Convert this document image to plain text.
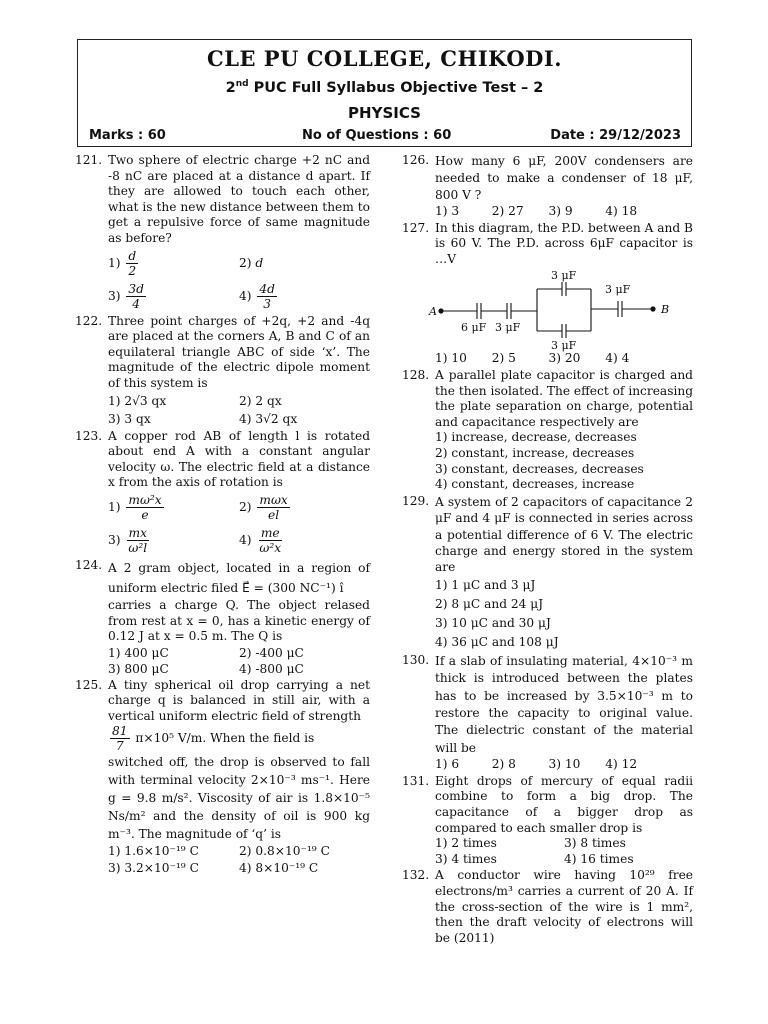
CLE PU COLLEGE, CHIKODI.
2nd PUC Full Syllabus Objective Test – 2
PHYSICS
Marks : 60	No of Questions : 60	Date : 29/12/2023
121. Two sphere of electric charge +2 nC and -8 nC are placed at a distance d apart. If they are allowed to touch each other, what is the new distance between them to get a repulsive force of same magnitude as before?
$1) \frac{d}{2}$	2) d
$3) \frac{3d}{4}$	$4) \frac{4d}{3}$
122. Three point charges of +2q, +2 and -4q are placed at the corners A, B and C of an equilateral triangle ABC of side ‘x’. The magnitude of the electric dipole moment of this system is
1) 2√3 qx	2) 2 qx
3) 3 qx	4) 3√2 qx
123. A copper rod AB of length l is rotated about end A with a constant angular velocity ω. The electric field at a distance x from the axis of rotation is
$1) \frac{\text{mω²x}}{e}$	$2) \frac{\text{mωx}}{el}$
$3) \frac{mx}{\text{ω²l}}$	$4) \frac{me}{\text{ω²x}}$
124. A 2 gram object, located in a region of uniform electric filed E⃗ = (300 NC⁻¹) î
carries a charge Q. The object relased from rest at x = 0, has a kinetic energy of 0.12 J at x = 0.5 m. The Q is
1) 400 μC	2) -400 μC
3) 800 μC	4) -800 μC
125. A tiny spherical oil drop carrying a net charge q is balanced in still air, with a vertical uniform electric field of strength
$\frac{81}{7} \pi\times 10^5$ V/m. When the field is
switched off, the drop is observed to fall with terminal velocity 2×10⁻³ ms⁻¹. Here g = 9.8 m/s². Viscosity of air is 1.8×10⁻⁵ Ns/m² and the density of oil is 900 kg m⁻³. The magnitude of ‘q’ is
1) 1.6×10⁻¹⁹ C	2) 0.8×10⁻¹⁹ C
3) 3.2×10⁻¹⁹ C	4) 8×10⁻¹⁹ C
126. How many 6 μF, 200V condensers are needed to make a condenser of 18 μF, 800 V ?
1) 3	2) 27	3) 9	4) 18
127. In this diagram, the P.D. between A and B is 60 V. The P.D. across 6μF capacitor is …V
A	B
6 μF 3 μF
3 μF
3 μF
3 μF
1) 10	2) 5	3) 20	4) 4
128. A parallel plate capacitor is charged and the then isolated. The effect of increasing the plate separation on charge, potential and capacitance respectively are
1) increase, decrease, decreases
2) constant, increase, decreases
3) constant, decreases, decreases
4) constant, decreases, increase
129. A system of 2 capacitors of capacitance 2 μF and 4 μF is connected in series across a potential difference of 6 V. The electric charge and energy stored in the system are
1) 1 μC and 3 μJ
2) 8 μC and 24 μJ
3) 10 μC and 30 μJ
4) 36 μC and 108 μJ
130. If a slab of insulating material, 4×10⁻³ m thick is introduced between the plates has to be increased by 3.5×10⁻³ m to restore the capacity to original value. The dielectric constant of the material will be
1) 6	2) 8	3) 10	4) 12
131. Eight drops of mercury of equal radii combine to form a big drop. The capacitance of a bigger drop as compared to each smaller drop is
1) 2 times	3) 8 times
3) 4 times	4) 16 times
132. A conductor wire having 10²⁹ free electrons/m³ carries a current of 20 A. If the cross-section of the wire is 1 mm², then the draft velocity of electrons will be (2011)
